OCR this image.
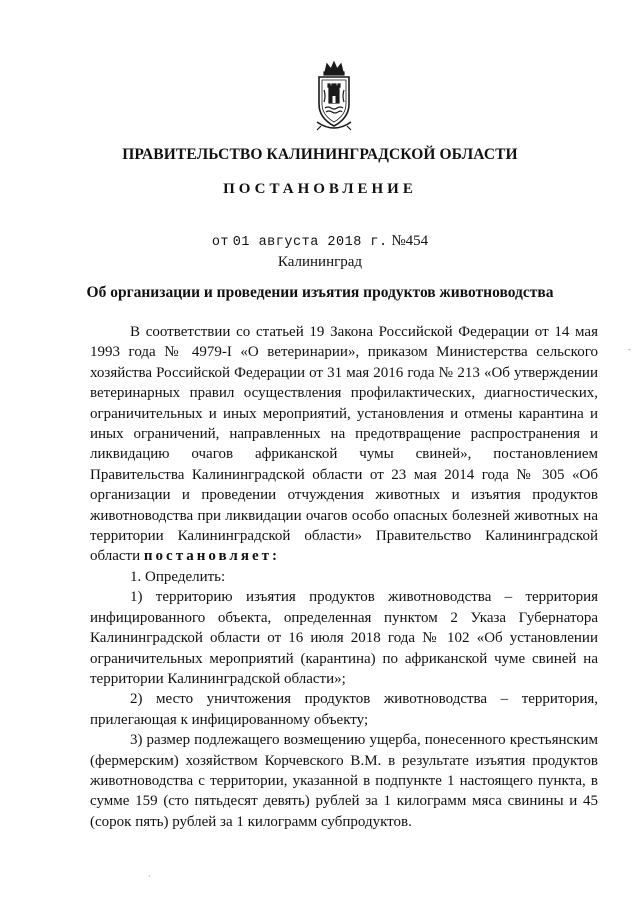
ПРАВИТЕЛЬСТВО КАЛИНИНГРАДСКОЙ ОБЛАСТИ
ПОСТАНОВЛЕНИЕ
от 01 августа 2018 г. №454
Калининград
Об организации и проведении изъятия продуктов животноводства

В соответствии со статьей 19 Закона Российской Федерации от 14 мая 1993 года № 4979-I «О ветеринарии», приказом Министерства сельского хозяйства Российской Федерации от 31 мая 2016 года № 213 «Об утверждении ветеринарных правил осуществления профилактических, диагностических, ограничительных и иных мероприятий, установления и отмены карантина и иных ограничений, направленных на предотвращение распространения и ликвидацию очагов африканской чумы свиней», постановлением Правительства Калининградской области от 23 мая 2014 года № 305 «Об организации и проведении отчуждения животных и изъятия продуктов животноводства при ликвидации очагов особо опасных болезней животных на территории Калининградской области» Правительство Калининградской области постановляет:

1. Определить:

1) территорию изъятия продуктов животноводства – территория инфицированного объекта, определенная пунктом 2 Указа Губернатора Калининградской области от 16 июля 2018 года № 102 «Об установлении ограничительных мероприятий (карантина) по африканской чуме свиней на территории Калининградской области»;

2) место уничтожения продуктов животноводства – территория, прилегающая к инфицированному объекту;

3) размер подлежащего возмещению ущерба, понесенного крестьянским (фермерским) хозяйством Корчевского В.М. в результате изъятия продуктов животноводства с территории, указанной в подпункте 1 настоящего пункта, в сумме 159 (сто пятьдесят девять) рублей за 1 килограмм мяса свинины и 45 (сорок пять) рублей за 1 килограмм субпродуктов.

-
·
